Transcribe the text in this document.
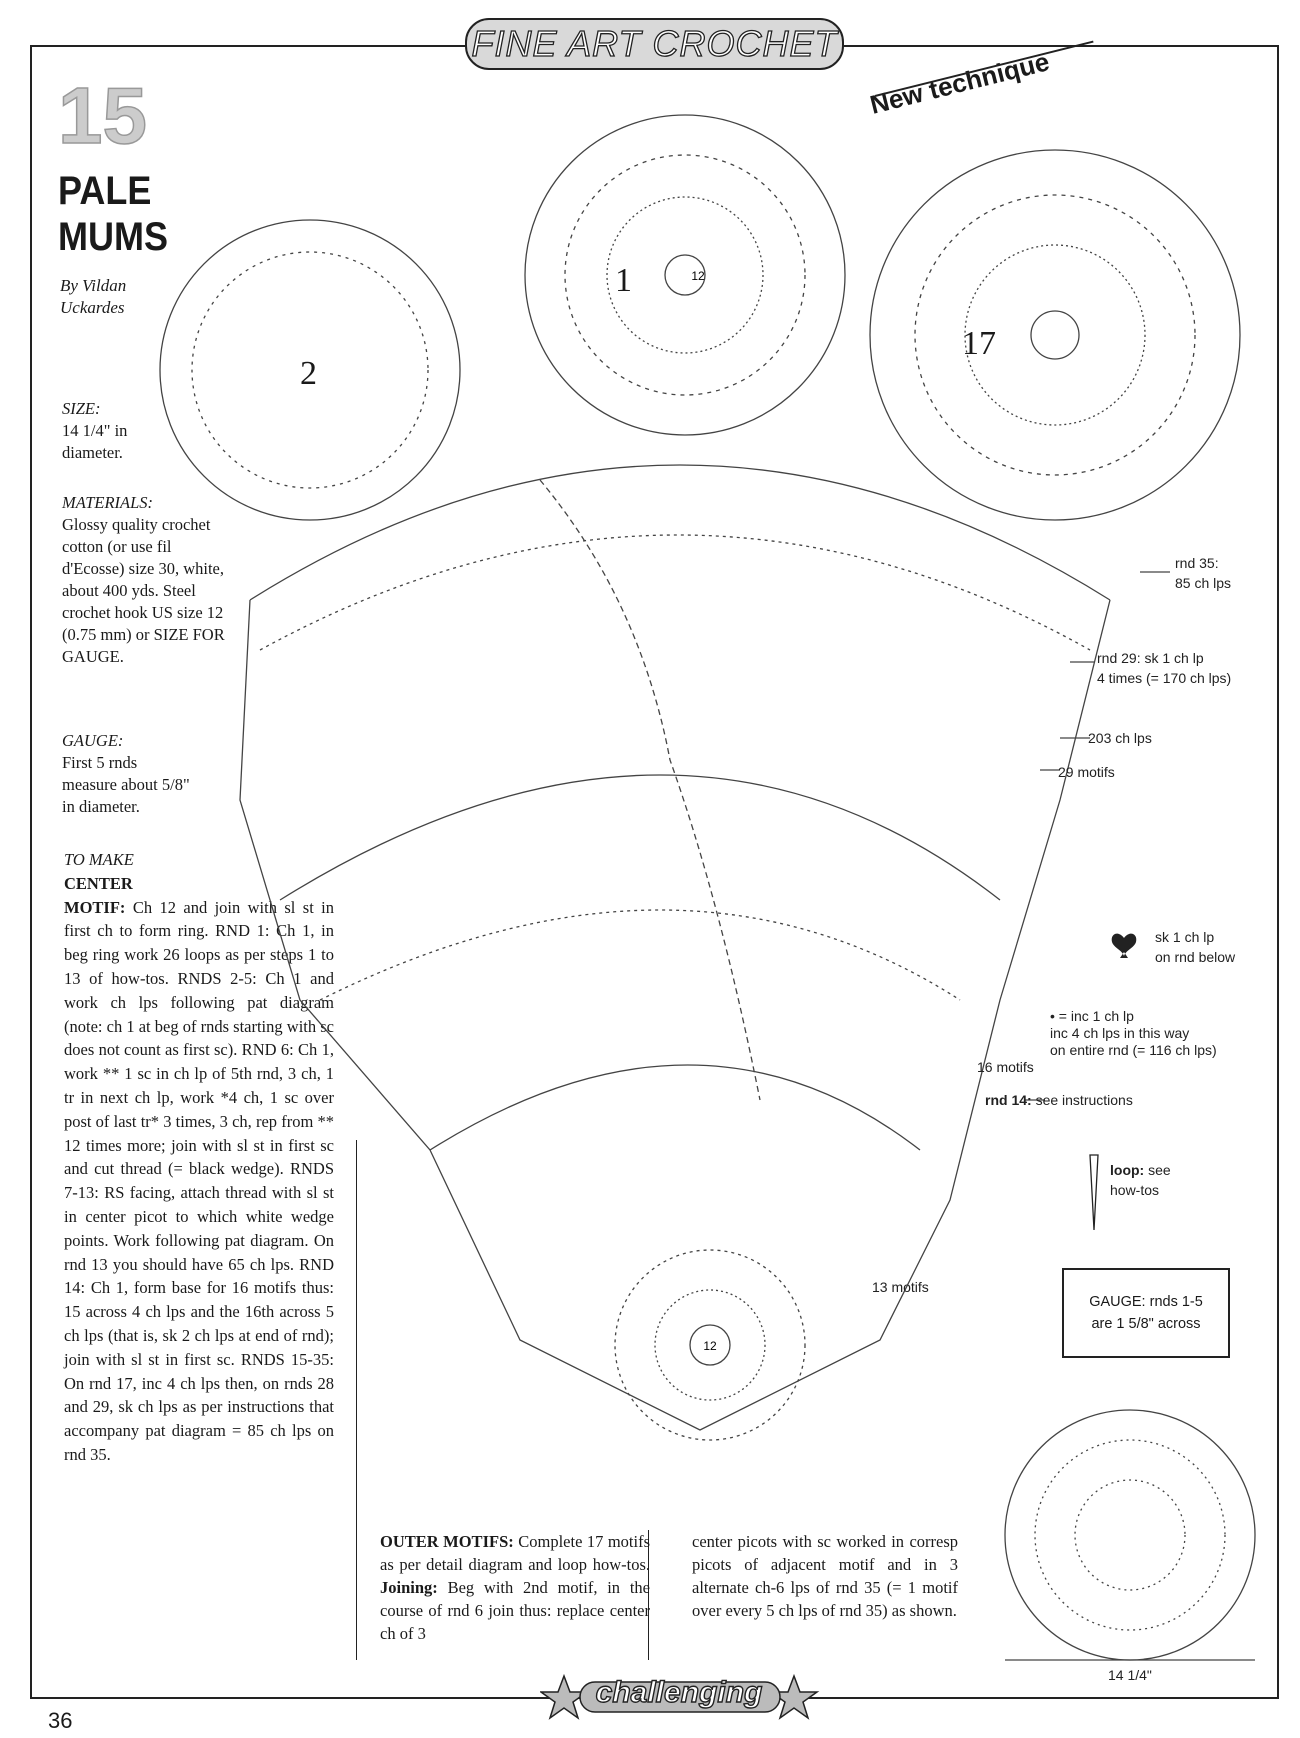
FINE ART CROCHET
New technique
15
PALE
MUMS
By Vildan Uckardes
SIZE:
14 1/4" in diameter.
MATERIALS:
Glossy quality crochet cotton (or use fil d'Ecosse) size 30, white, about 400 yds. Steel crochet hook US size 12 (0.75 mm) or SIZE FOR GAUGE.
GAUGE:
First 5 rnds measure about 5/8" in diameter.
TO MAKE
CENTER
MOTIF: Ch 12 and join with sl st in first ch to form ring. RND 1: Ch 1, in beg ring work 26 loops as per steps 1 to 13 of how-tos. RNDS 2-5: Ch 1 and work ch lps following pat diagram (note: ch 1 at beg of rnds starting with sc does not count as first sc). RND 6: Ch 1, work ** 1 sc in ch lp of 5th rnd, 3 ch, 1 tr in next ch lp, work *4 ch, 1 sc over post of last tr* 3 times, 3 ch, rep from ** 12 times more; join with sl st in first sc and cut thread (= black wedge). RNDS 7-13: RS facing, attach thread with sl st in center picot to which white wedge points. Work following pat diagram. On rnd 13 you should have 65 ch lps. RND 14: Ch 1, form base for 16 motifs thus: 15 across 4 ch lps and the 16th across 5 ch lps (that is, sk 2 ch lps at end of rnd); join with sl st in first sc. RNDS 15-35: On rnd 17, inc 4 ch lps then, on rnds 28 and 29, sk ch lps as per instructions that accompany pat diagram = 85 ch lps on rnd 35.
OUTER MOTIFS: Complete 17 motifs as per detail diagram and loop how-tos. Joining: Beg with 2nd motif, in the course of rnd 6 join thus: replace center ch of 3
center picots with sc worked in corresp picots of adjacent motif and in 3 alternate ch-6 lps of rnd 35 (= 1 motif over every 5 ch lps of rnd 35) as shown.
12
12
1
2
17
rnd 35:
85 ch lps
rnd 29: sk 1 ch lp
4 times (= 170 ch lps)
203 ch lps
29 motifs
sk 1 ch lp
on rnd below
• = inc 1 ch lp
inc 4 ch lps in this way
on entire rnd (= 116 ch lps)
16 motifs
rnd 14: see instructions
loop: see
how-tos
13 motifs
GAUGE: rnds 1-5
are 1 5/8" across
14 1/4"
challenging
36
